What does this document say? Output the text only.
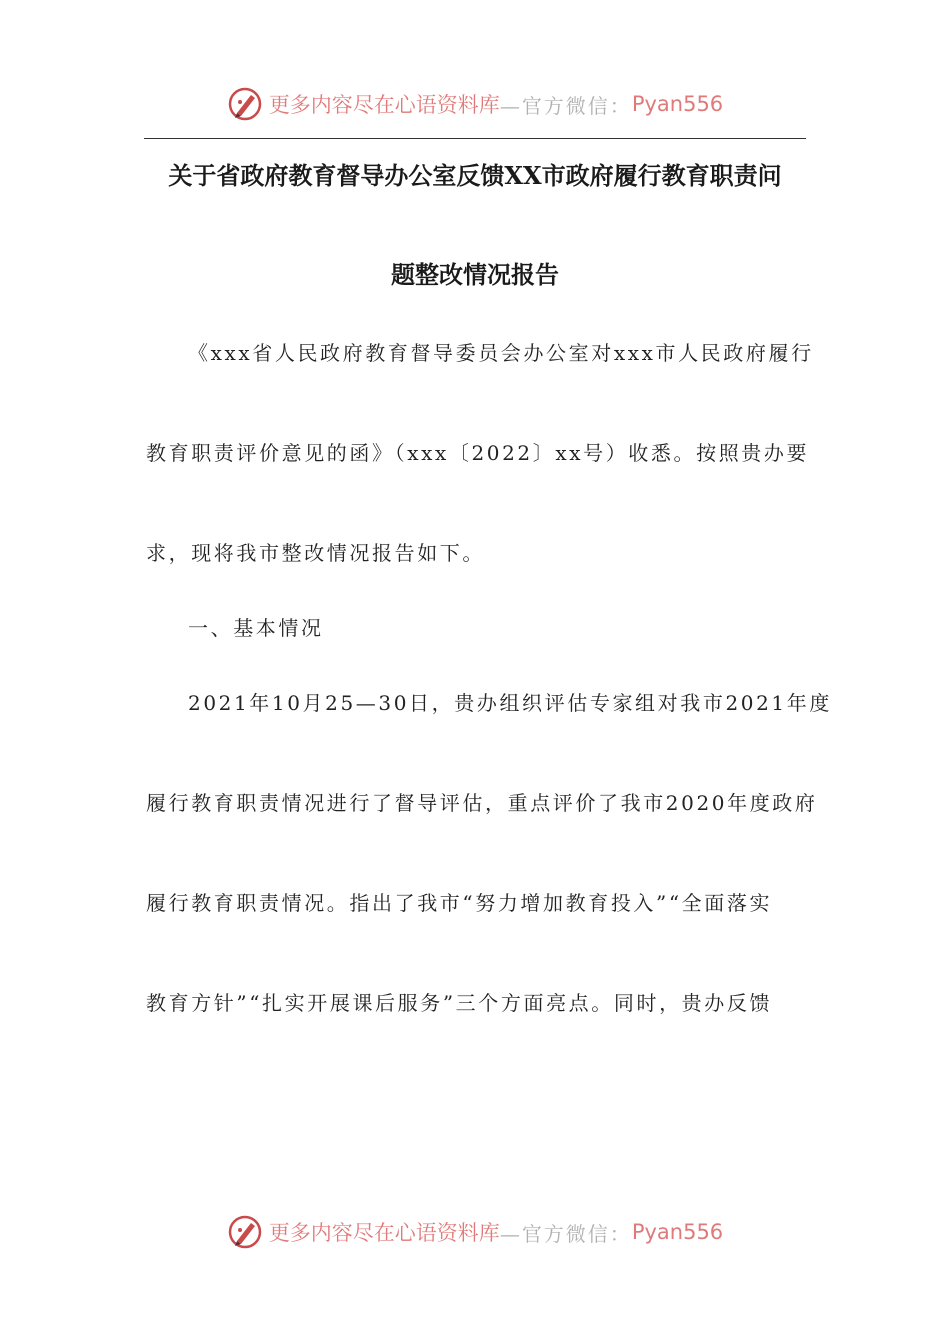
更多内容尽在心语资料库 —官方微信： Pyan556
关于省政府教育督导办公室反馈XX市政府履行教育职责问
题整改情况报告
《xxx省人民政府教育督导委员会办公室对xxx市人民政府履行
教育职责评价意见的函》（xxx〔2022〕xx号）收悉。按照贵办要
求，现将我市整改情况报告如下。
一、基本情况
2021年10月25—30日，贵办组织评估专家组对我市2021年度
履行教育职责情况进行了督导评估，重点评价了我市2020年度政府
履行教育职责情况。指出了我市“努力增加教育投入”“全面落实
教育方针”“扎实开展课后服务”三个方面亮点。同时，贵办反馈
更多内容尽在心语资料库 —官方微信： Pyan556
